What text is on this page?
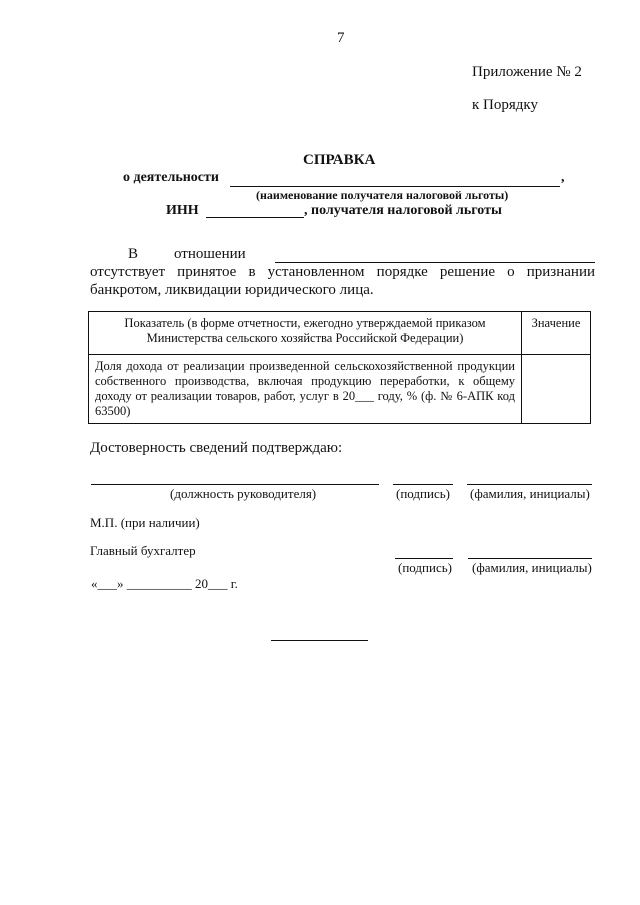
7
Приложение № 2
к Порядку
СПРАВКА
о деятельности	,
(наименование получателя налоговой льготы)
ИНН	, получателя налоговой льготы
В отношении
отсутствует принятое в установленном порядке решение о признании
банкротом, ликвидации юридического лица.
Показатель (в форме отчетности, ежегодно утверждаемой приказом Министерства сельского хозяйства Российской Федерации)	Значение
Доля дохода от реализации произведенной сельскохозяйственной продукции собственного производства, включая продукцию переработки, к общему доходу от реализации товаров, работ, услуг в 20___ году, % (ф. № 6-АПК код 63500)	
Достоверность сведений подтверждаю:
(должность руководителя)	(подпись) (фамилия, инициалы)
М.П. (при наличии)
Главный бухгалтер
(подпись) (фамилия, инициалы)
«___» __________ 20___ г.
